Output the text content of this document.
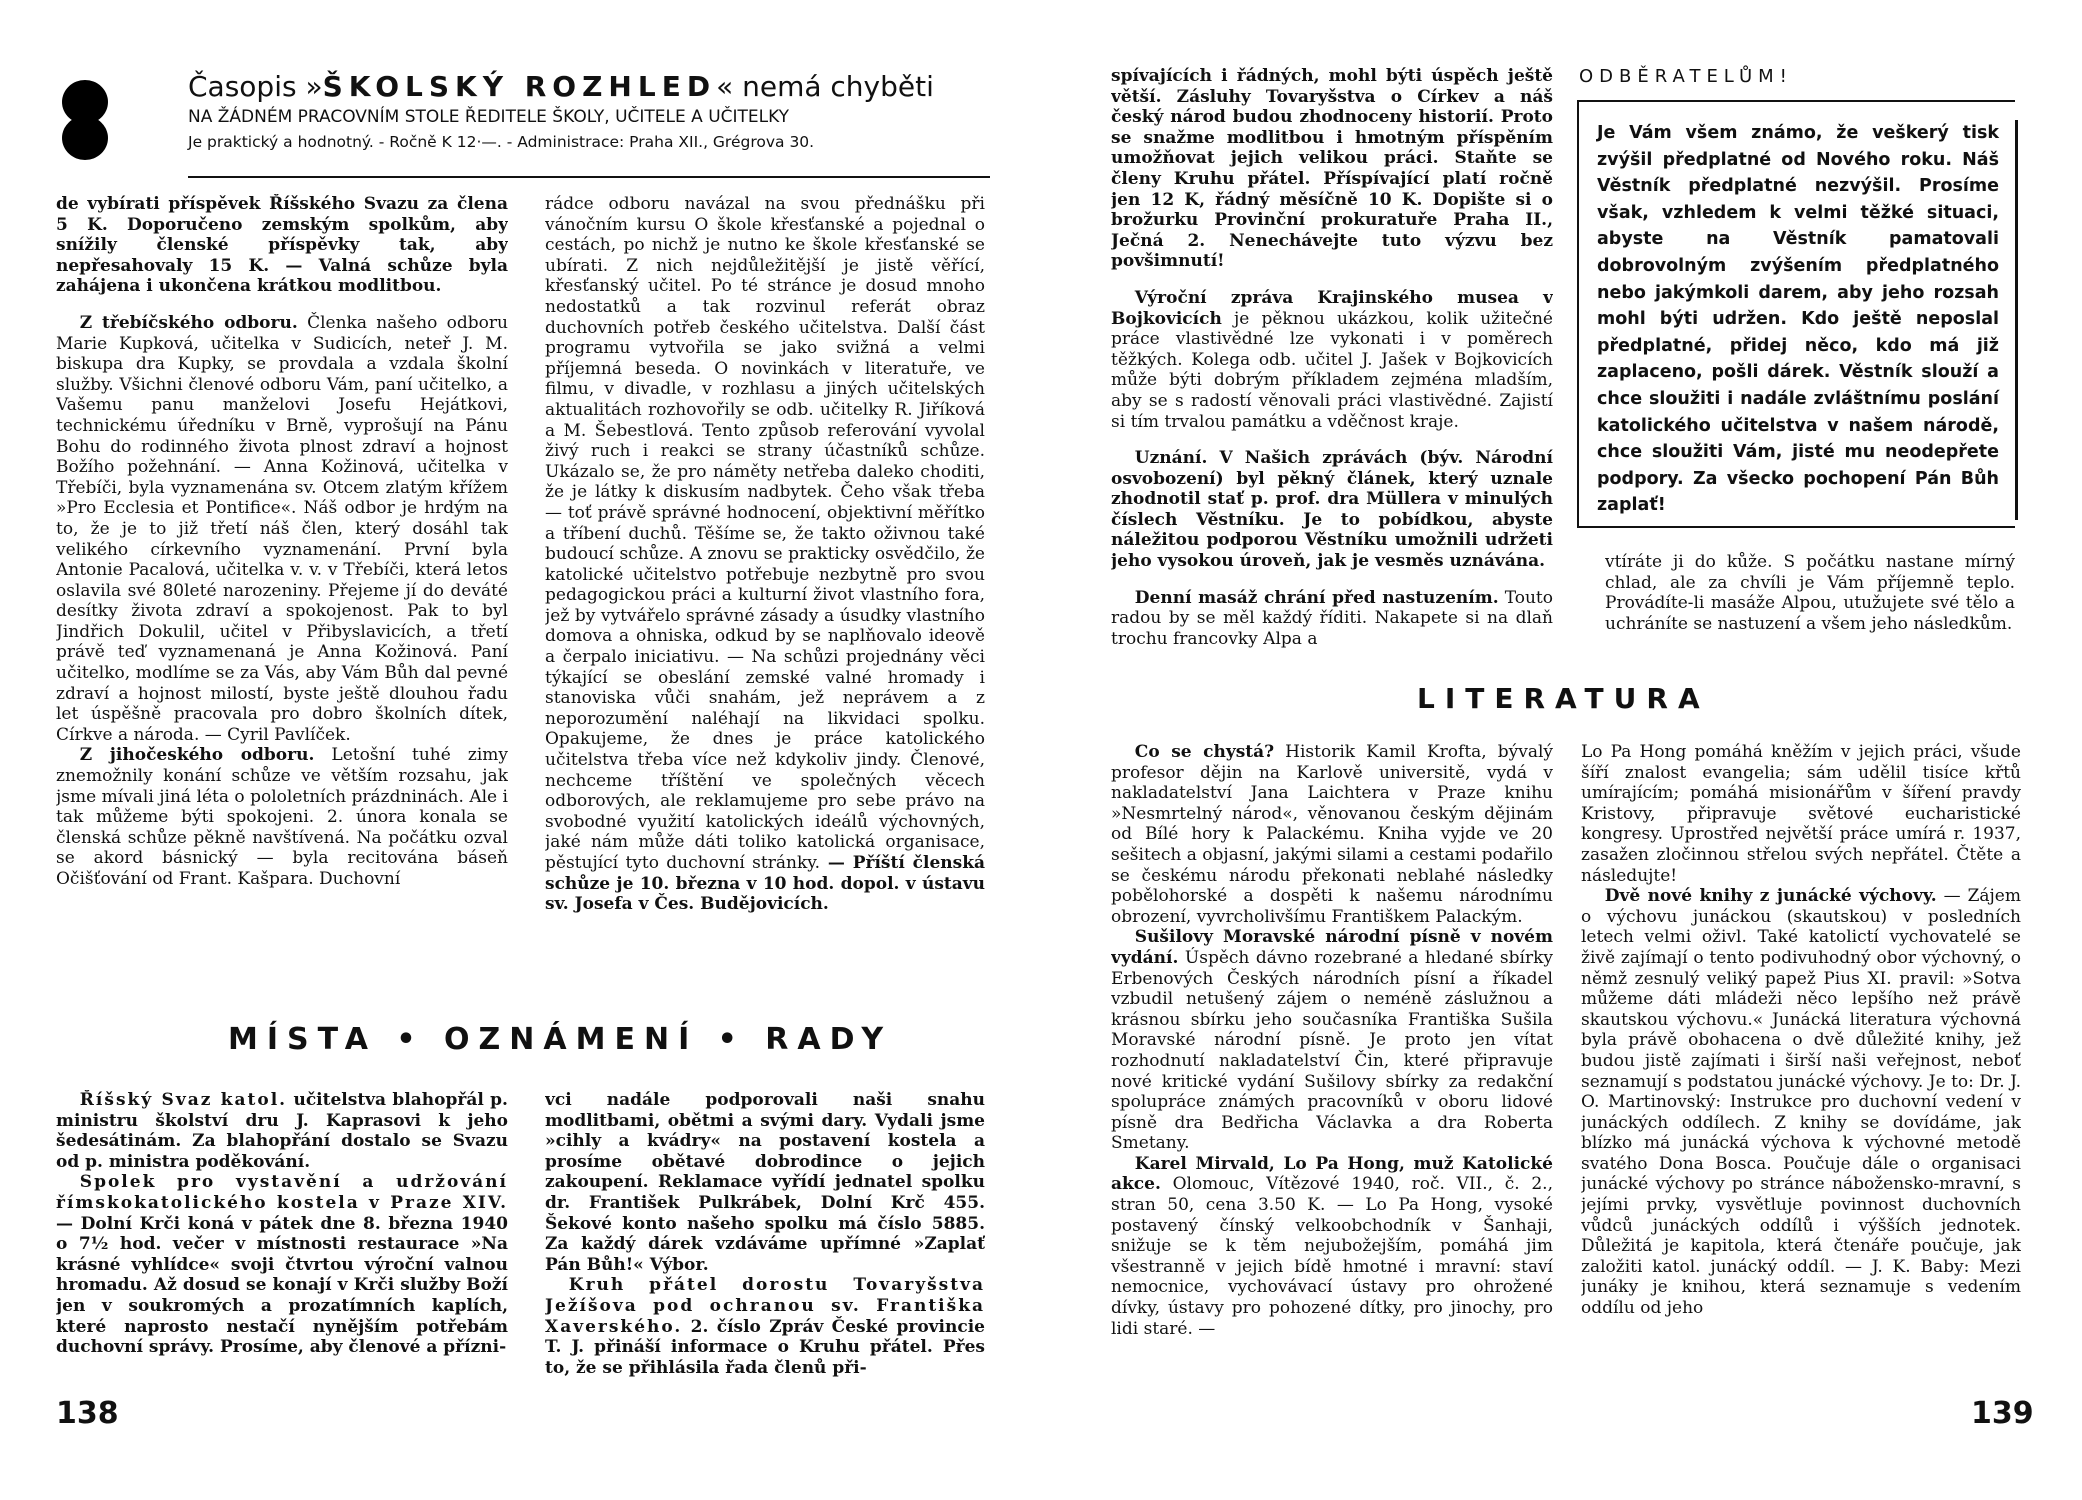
Časopis »ŠKOLSKÝ ROZHLED« nemá chyběti
NA ŽÁDNÉM PRACOVNÍM STOLE ŘEDITELE ŠKOLY, UČITELE A UČITELKY
Je praktický a hodnotný. - Ročně K 12·—. - Administrace: Praha XII., Grégrova 30.

de vybírati příspěvek Říšského Svazu za člena 5 K. Doporučeno zemským spolkům, aby snížily členské příspěvky tak, aby nepřesahovaly 15 K. — Valná schůze byla zahájena i ukončena krátkou modlitbou.

Z třebíčského odboru. Členka našeho odboru Marie Kupková, učitelka v Sudicích, neteř J. M. biskupa dra Kupky, se provdala a vzdala školní služby. Všichni členové odboru Vám, paní učitelko, a Vašemu panu manželovi Josefu Hejátkovi, technickému úředníku v Brně, vyprošují na Pánu Bohu do rodinného života plnost zdraví a hojnost Božího požehnání. — Anna Kožinová, učitelka v Třebíči, byla vyznamenána sv. Otcem zlatým křížem »Pro Ecclesia et Pontifice«. Náš odbor je hrdým na to, že je to již třetí náš člen, který dosáhl tak velikého církevního vyznamenání. První byla Antonie Pacalová, učitelka v. v. v Třebíči, která letos oslavila své 80leté narozeniny. Přejeme jí do deváté desítky života zdraví a spokojenost. Pak to byl Jindřich Dokulil, učitel v Přibyslavicích, a třetí právě teď vyznamenaná je Anna Kožinová. Paní učitelko, modlíme se za Vás, aby Vám Bůh dal pevné zdraví a hojnost milostí, byste ještě dlouhou řadu let úspěšně pracovala pro dobro školních dítek, Církve a národa. — Cyril Pavlíček.

Z jihočeského odboru. Letošní tuhé zimy znemožnily konání schůze ve větším rozsahu, jak jsme mívali jiná léta o pololetních prázdninách. Ale i tak můžeme býti spokojeni. 2. února konala se členská schůze pěkně navštívená. Na počátku ozval se akord básnický — byla recitována báseň Očišťování od Frant. Kašpara. Duchovní

rádce odboru navázal na svou přednášku při vánočním kursu O škole křesťanské a pojednal o cestách, po nichž je nutno ke škole křesťanské se ubírati. Z nich nejdůležitější je jistě věřící, křesťanský učitel. Po té stránce je dosud mnoho nedostatků a tak rozvinul referát obraz duchovních potřeb českého učitelstva. Další část programu vytvořila se jako svižná a velmi příjemná beseda. O novinkách v literatuře, ve filmu, v divadle, v rozhlasu a jiných učitelských aktualitách rozhovořily se odb. učitelky R. Jiříková a M. Šebestlová. Tento způsob referování vyvolal živý ruch i reakci se strany účastníků schůze. Ukázalo se, že pro náměty netřeba daleko choditi, že je látky k diskusím nadbytek. Čeho však třeba — toť právě správné hodnocení, objektivní měřítko a tříbení duchů. Těšíme se, že takto oživnou také budoucí schůze. A znovu se prakticky osvědčilo, že katolické učitelstvo potřebuje nezbytně pro svou pedagogickou práci a kulturní život vlastního fora, jež by vytvářelo správné zásady a úsudky vlastního domova a ohniska, odkud by se naplňovalo ideově a čerpalo iniciativu. — Na schůzi projednány věci týkající se obeslání zemské valné hromady i stanoviska vůči snahám, jež neprávem a z neporozumění naléhají na likvidaci spolku. Opakujeme, že dnes je práce katolického učitelstva třeba více než kdykoliv jindy. Členové, nechceme tříštění ve společných věcech odborových, ale reklamujeme pro sebe právo na svobodné využití katolických ideálů výchovných, jaké nám může dáti toliko katolická organisace, pěstující tyto duchovní stránky. — Příští členská schůze je 10. března v 10 hod. dopol. v ústavu sv. Josefa v Čes. Budějovicích.

MÍSTA • OZNÁMENÍ • RADY

Říšský Svaz katol. učitelstva blahopřál p. ministru školství dru J. Kaprasovi k jeho šedesátinám. Za blahopřání dostalo se Svazu od p. ministra poděkování.

Spolek pro vystavění a udržování římskokatolického kostela v Praze XIV. — Dolní Krči koná v pátek dne 8. března 1940 o 7½ hod. večer v místnosti restaurace »Na krásné vyhlídce« svoji čtvrtou výroční valnou hromadu. Až dosud se konají v Krči služby Boží jen v soukromých a prozatímních kaplích, které naprosto nestačí nynějším potřebám duchovní správy. Prosíme, aby členové a přízni-

vci nadále podporovali naši snahu modlitbami, obětmi a svými dary. Vydali jsme »cihly a kvádry« na postavení kostela a prosíme obětavé dobrodince o jejich zakoupení. Reklamace vyřídí jednatel spolku dr. František Pulkrábek, Dolní Krč 455. Šekové konto našeho spolku má číslo 5885. Za každý dárek vzdáváme upřímné »Zaplať Pán Bůh!« Výbor.

Kruh přátel dorostu Tovaryšstva Ježíšova pod ochranou sv. Františka Xaverského. 2. číslo Zpráv České provincie T. J. přináší informace o Kruhu přátel. Přes to, že se přihlásila řada členů při-

138

spívajících i řádných, mohl býti úspěch ještě větší. Zásluhy Tovaryšstva o Církev a náš český národ budou zhodnoceny historií. Proto se snažme modlitbou i hmotným příspěním umožňovat jejich velikou práci. Staňte se členy Kruhu přátel. Příspívající platí ročně jen 12 K, řádný měsíčně 10 K. Dopište si o brožurku Provinční prokuratuře Praha II., Ječná 2. Nenechávejte tuto výzvu bez povšimnutí!

Výroční zpráva Krajinského musea v Bojkovicích je pěknou ukázkou, kolik užitečné práce vlastivědné lze vykonati i v poměrech těžkých. Kolega odb. učitel J. Jašek v Bojkovicích může býti dobrým příkladem zejména mladším, aby se s radostí věnovali práci vlastivědné. Zajistí si tím trvalou památku a vděčnost kraje.

Uznání. V Našich zprávách (býv. Národní osvobození) byl pěkný článek, který uznale zhodnotil stať p. prof. dra Müllera v minulých číslech Věstníku. Je to pobídkou, abyste náležitou podporou Věstníku umožnili udržeti jeho vysokou úroveň, jak je vesměs uznávána.

Denní masáž chrání před nastuzením. Touto radou by se měl každý říditi. Nakapete si na dlaň trochu francovky Alpa a

ODBĚRATELŮM!
Je Vám všem známo, že veškerý tisk zvýšil předplatné od Nového roku. Náš Věstník předplatné nezvýšil. Prosíme však, vzhledem k velmi těžké situaci, abyste na Věstník pamatovali dobrovolným zvýšením předplatného nebo jakýmkoli darem, aby jeho rozsah mohl býti udržen. Kdo ještě neposlal předplatné, přidej něco, kdo má již zaplaceno, pošli dárek. Věstník slouží a chce sloužiti i nadále zvláštnímu poslání katolického učitelstva v našem národě, chce sloužiti Vám, jisté mu neodepřete podpory. Za všecko pochopení Pán Bůh zaplať!

vtíráte ji do kůže. S počátku nastane mírný chlad, ale za chvíli je Vám příjemně teplo. Provádíte-li masáže Alpou, utužujete své tělo a uchráníte se nastuzení a všem jeho následkům.

LITERATURA

Co se chystá? Historik Kamil Krofta, bývalý profesor dějin na Karlově universitě, vydá v nakladatelství Jana Laichtera v Praze knihu »Nesmrtelný národ«, věnovanou českým dějinám od Bílé hory k Palackému. Kniha vyjde ve 20 sešitech a objasní, jakými silami a cestami podařilo se českému národu překonati neblahé následky pobělohorské a dospěti k našemu národnímu obrození, vyvrcholivšímu Františkem Palackým.

Sušilovy Moravské národní písně v novém vydání. Úspěch dávno rozebrané a hledané sbírky Erbenových Českých národních písní a říkadel vzbudil netušený zájem o neméně záslužnou a krásnou sbírku jeho současníka Františka Sušila Moravské národní písně. Je proto jen vítat rozhodnutí nakladatelství Čin, které připravuje nové kritické vydání Sušilovy sbírky za redakční spolupráce známých pracovníků v oboru lidové písně dra Bedřicha Václavka a dra Roberta Smetany.

Karel Mirvald, Lo Pa Hong, muž Katolické akce. Olomouc, Vítězové 1940, roč. VII., č. 2., stran 50, cena 3.50 K. — Lo Pa Hong, vysoké postavený čínský velkoobchodník v Šanhaji, snižuje se k těm nejubožejším, pomáhá jim všestranně v jejich bídě hmotné i mravní: staví nemocnice, vychovávací ústavy pro ohrožené dívky, ústavy pro pohozené dítky, pro jinochy, pro lidi staré. —

Lo Pa Hong pomáhá kněžím v jejich práci, všude šíří znalost evangelia; sám udělil tisíce křtů umírajícím; pomáhá misionářům v šíření pravdy Kristovy, připravuje světové eucharistické kongresy. Uprostřed největší práce umírá r. 1937, zasažen zločinnou střelou svých nepřátel. Čtěte a následujte!

Dvě nové knihy z junácké výchovy. — Zájem o výchovu junáckou (skautskou) v posledních letech velmi oživl. Také katolictí vychovatelé se živě zajímají o tento podivuhodný obor výchovný, o němž zesnulý veliký papež Pius XI. pravil: »Sotva můžeme dáti mládeži něco lepšího než právě skautskou výchovu.« Junácká literatura výchovná byla právě obohacena o dvě důležité knihy, jež budou jistě zajímati i širší naši veřejnost, neboť seznamují s podstatou junácké výchovy. Je to: Dr. J. O. Martinovský: Instrukce pro duchovní vedení v junáckých oddílech. Z knihy se dovídáme, jak blízko má junácká výchova k výchovné metodě svatého Dona Bosca. Poučuje dále o organisaci junácké výchovy po stránce nábožensko-mravní, s jejími prvky, vysvětluje povinnost duchovních vůdců junáckých oddílů i výšších jednotek. Důležitá je kapitola, která čtenáře poučuje, jak založiti katol. junácký oddíl. — J. K. Baby: Mezi junáky je knihou, která seznamuje s vedením oddílu od jeho

139
